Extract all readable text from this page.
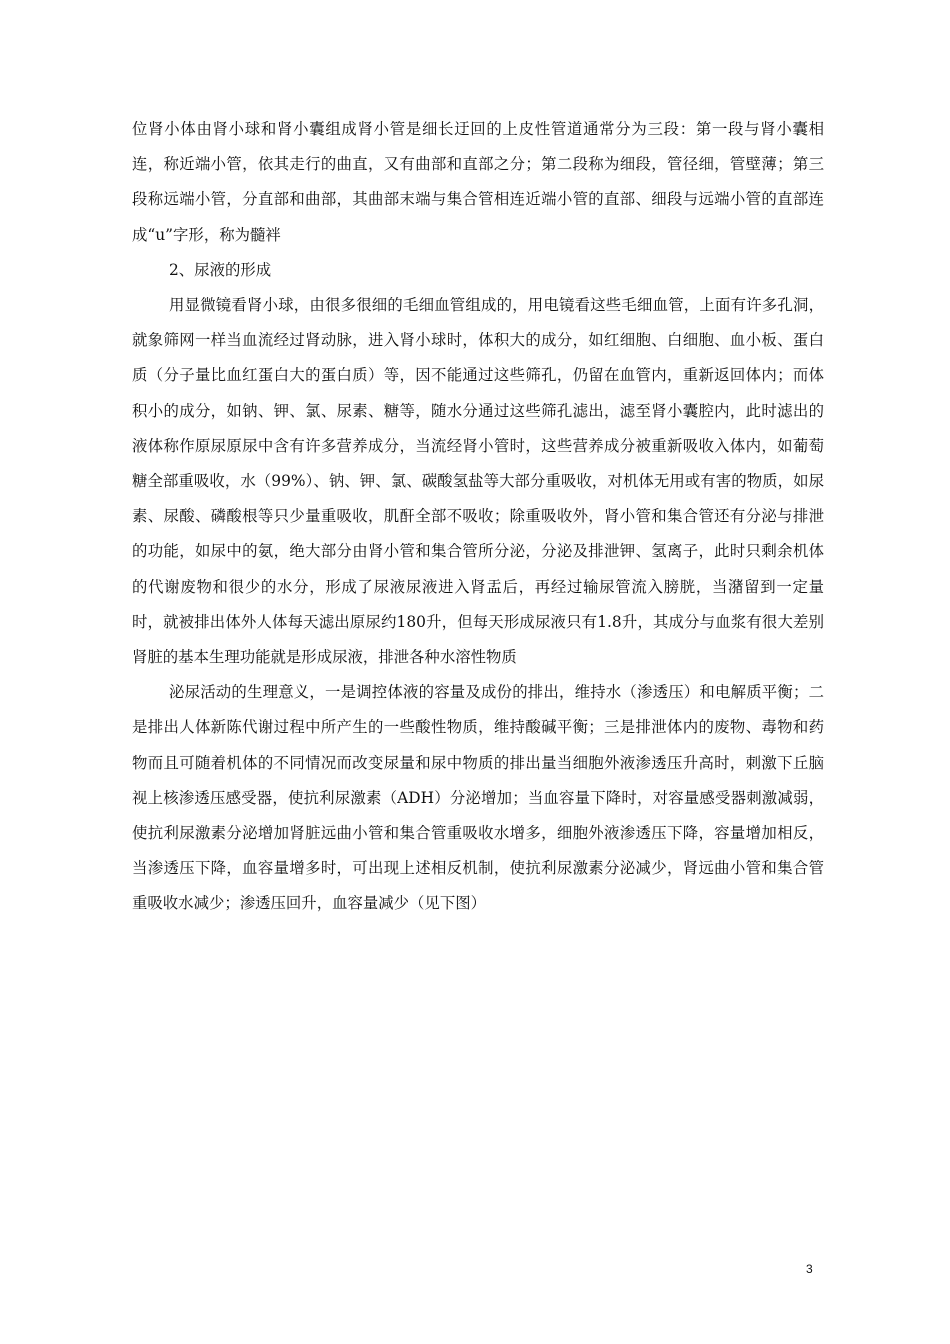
位肾小体由肾小球和肾小囊组成肾小管是细长迂回的上皮性管道通常分为三段：第一段与肾小囊相连，称近端小管，依其走行的曲直，又有曲部和直部之分；第二段称为细段，管径细，管壁薄；第三段称远端小管，分直部和曲部，其曲部末端与集合管相连近端小管的直部、细段与远端小管的直部连成“u”字形，称为髓袢

2、尿液的形成

用显微镜看肾小球，由很多很细的毛细血管组成的，用电镜看这些毛细血管，上面有许多孔洞，就象筛网一样当血流经过肾动脉，进入肾小球时，体积大的成分，如红细胞、白细胞、血小板、蛋白质（分子量比血红蛋白大的蛋白质）等，因不能通过这些筛孔，仍留在血管内，重新返回体内；而体积小的成分，如钠、钾、氯、尿素、糖等，随水分通过这些筛孔滤出，滤至肾小囊腔内，此时滤出的液体称作原尿原尿中含有许多营养成分，当流经肾小管时，这些营养成分被重新吸收入体内，如葡萄糖全部重吸收，水（99%）、钠、钾、氯、碳酸氢盐等大部分重吸收，对机体无用或有害的物质，如尿素、尿酸、磷酸根等只少量重吸收，肌酐全部不吸收；除重吸收外，肾小管和集合管还有分泌与排泄的功能，如尿中的氨，绝大部分由肾小管和集合管所分泌，分泌及排泄钾、氢离子，此时只剩余机体的代谢废物和很少的水分，形成了尿液尿液进入肾盂后，再经过输尿管流入膀胱，当潴留到一定量时，就被排出体外人体每天滤出原尿约180升，但每天形成尿液只有1.8升，其成分与血浆有很大差别肾脏的基本生理功能就是形成尿液，排泄各种水溶性物质

泌尿活动的生理意义，一是调控体液的容量及成份的排出，维持水（渗透压）和电解质平衡；二是排出人体新陈代谢过程中所产生的一些酸性物质，维持酸碱平衡；三是排泄体内的废物、毒物和药物而且可随着机体的不同情况而改变尿量和尿中物质的排出量当细胞外液渗透压升高时，刺激下丘脑视上核渗透压感受器，使抗利尿激素（ADH）分泌增加；当血容量下降时，对容量感受器刺激减弱，使抗利尿激素分泌增加肾脏远曲小管和集合管重吸收水增多，细胞外液渗透压下降，容量增加相反，当渗透压下降，血容量增多时，可出现上述相反机制，使抗利尿激素分泌减少，肾远曲小管和集合管重吸收水减少；渗透压回升，血容量减少（见下图）

3
